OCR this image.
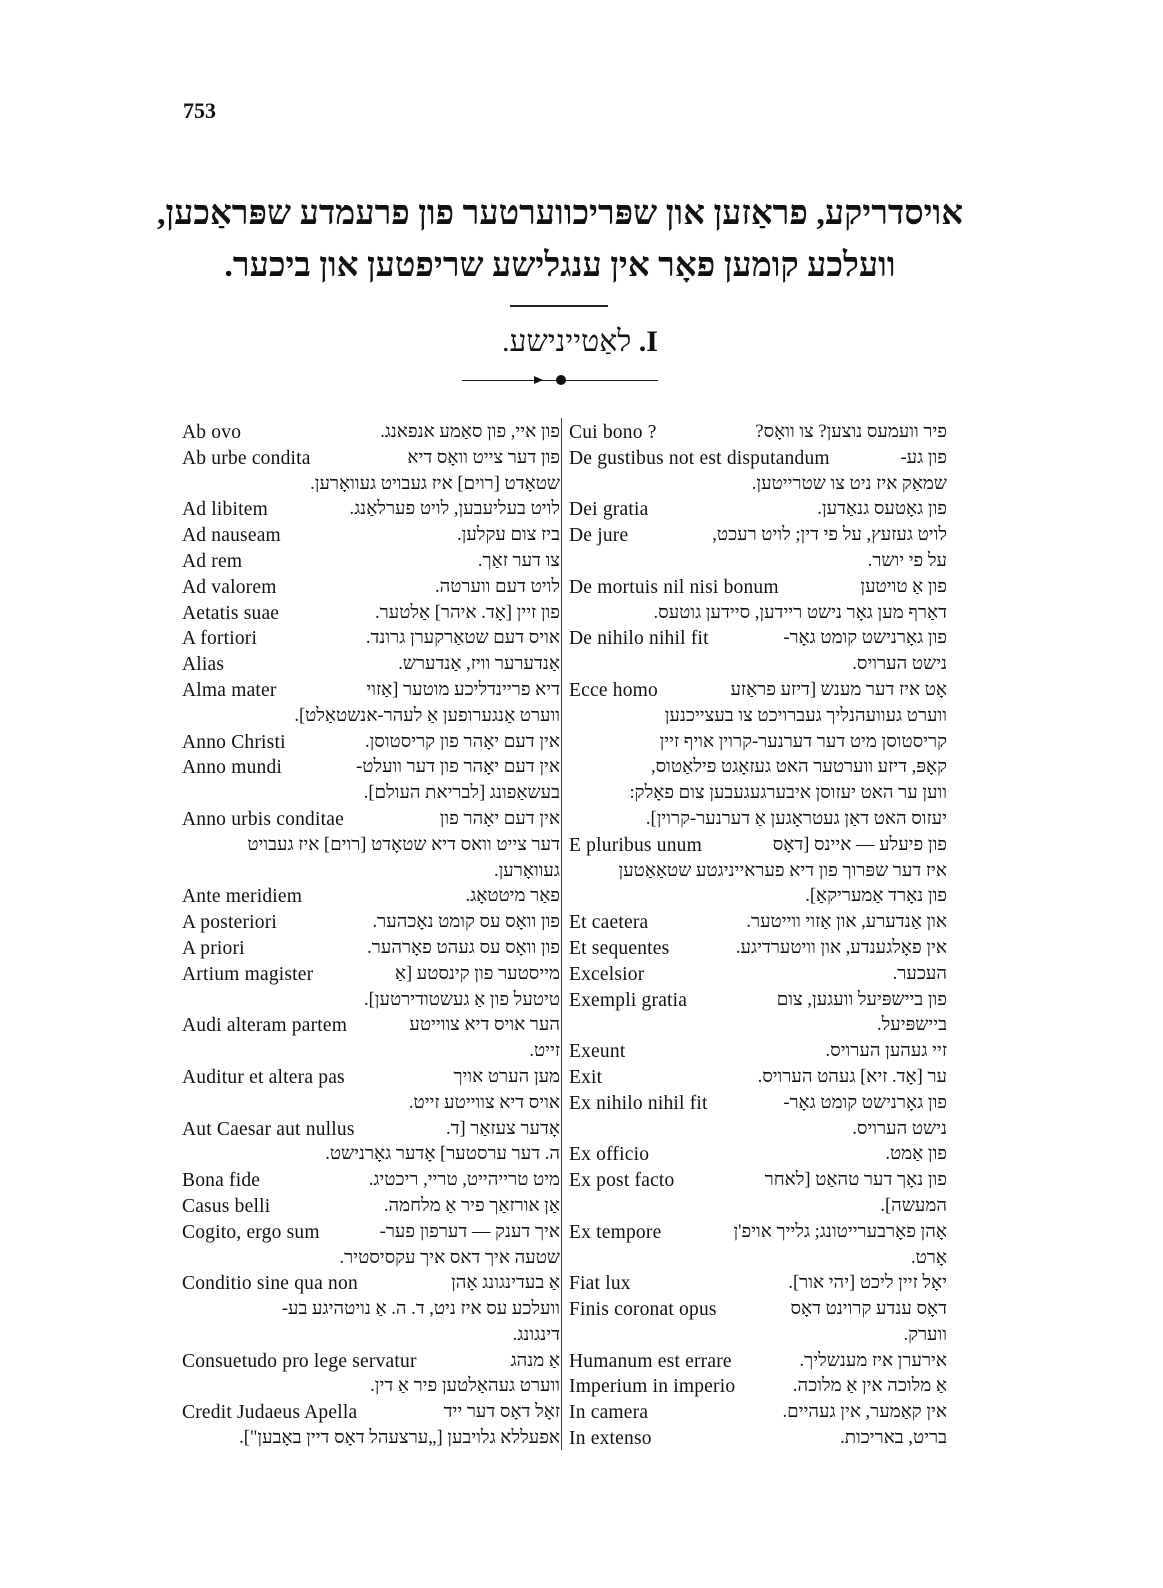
753
אויסדריקע, פראַזען און שפּריכווערטער פון פרעמדע שפּראַכען,
וועלכע קומען פאָר אין ענגלישע שריפטען און ביכער.
I. לאַטיינישע.
Ab ovo	פון איי, פון סאַמע אנפאנג.
Ab urbe condita	פון דער צייט וואָס דיא
שטאָדט [רוים] איז געבויט געוואָרען.
Ad libitem	לויט בעליעבען, לויט פערלאַנג.
Ad nauseam	ביז צום עקלען.
Ad rem	צו דער זאַך.
Ad valorem	לויט דעם ווערטה.
Aetatis suae	פון זיין [אָד. איהר] אַלטער.
A fortiori	אויס דעם שטאַרקערן גרונד.
Alias	אַנדערער וויז, אַנדערש.
Alma mater	דיא פריינדליכע מוטער [אַזוי
ווערט אַנגערופען אַ לעהר-אנשטאַלט].
Anno Christi	אין דעם יאָהר פון קריסטוסן.
Anno mundi	אין דעם יאָהר פון דער וועלט-
בעשאַפונג [לבריאת העולם].
Anno urbis conditae	אין דעם יאָהר פון
דער צייט וואס דיא שטאָדט [רוים] איז געבויט
געוואָרען.
Ante meridiem	פאַר מיטטאָג.
A posteriori	פון וואָס עס קומט נאָכהער.
A priori	פון וואָס עס געהט פאָרהער.
Artium magister	מייסטער פון קינסטע [אַ
טיטעל פון אַ געשטודירטען].
Audi alteram partem	הער אויס דיא צווייטע
זייט.
Auditur et altera pas	מען הערט אויך
אויס דיא צווייטע זייט.
Aut Caesar aut nullus	אָדער צעזאַר [ד.
ה. דער ערסטער] אָדער גאָרנישט.
Bona fide	מיט טרייהייט, טריי, ריכטיג.
Casus belli	אַן אורזאַך פיר אַ מלחמה.
Cogito, ergo sum	איך דענק — דערפון פער-
שטעה איך דאס איך עקסיסטיר.
Conditio sine qua non	אַ בעדינגונג אָהן
וועלכע עס איז ניט, ד. ה. אַ נויטהיגע בע-
דינגונג.
Consuetudo pro lege servatur	אַ מנהג
ווערט געהאַלטען פיר אַ דין.
Credit Judaeus Apella	זאָל דאָס דער ייד
אפעללא גלויבען [„ערצעהל דאָס דיין באָבען"].
Cui bono ?	פיר וועמעס נוצען? צו וואָס?
De gustibus not est disputandum	פון גע-
שמאַק איז ניט צו שטרייטען.
Dei gratia	פון גאָטעס גנאַדען.
De jure	לויט געזעץ, על פי דין; לויט רעכט,
על פי יושר.
De mortuis nil nisi bonum	פון אַ טויטען
דאַרף מען גאָר נישט ריידען, סיידען גוטעס.
De nihilo nihil fit	פון גאָרנישט קומט גאָר-
נישט הערויס.
Ecce homo	אָט איז דער מענש [דיזע פראַזע
ווערט געוועהנליך געברויכט צו בעצייכנען
קריסטוסן מיט דער דערנער-קרוין אויף זיין
קאָפּ, דיזע ווערטער האט געזאָגט פילאַטוס,
ווען ער האט יעזוסן איבערגעגעבען צום פאָלק:
יעזוס האט דאַן געטראָגען אַ דערנער-קרוין].
E pluribus unum	פון פיעלע — איינס [דאָס
איז דער שפּרוך פון דיא פעראייניגטע שטאַאַטען
פון נאָרד אַמעריקאַ].
Et caetera	און אַנדערע, און אַזוי ווייטער.
Et sequentes	אין פאָלגענדע, און וויטערדיגע.
Excelsior	העכער.
Exempli gratia	פון ביישפּיעל וועגען, צום
ביישפּיעל.
Exeunt	זיי געהען הערויס.
Exit	ער [אָד. זיא] געהט הערויס.
Ex nihilo nihil fit	פון גאָרנישט קומט גאָר-
נישט הערויס.
Ex officio	פון אַמט.
Ex post facto	פון נאָך דער טהאַט [לאחר
המעשה].
Ex tempore	אָהן פאָרבערייטונג; גלייך אויפ'ן
אָרט.
Fiat lux	יאָל זיין ליכט [יהי אור].
Finis coronat opus	דאָס ענדע קרוינט דאָס
ווערק.
Humanum est errare	אירערן איז מענשליך.
Imperium in imperio	אַ מלוכה אין אַ מלוכה.
In camera	אין קאַמער, אין געהיים.
In extenso	בריט, באריכות.
